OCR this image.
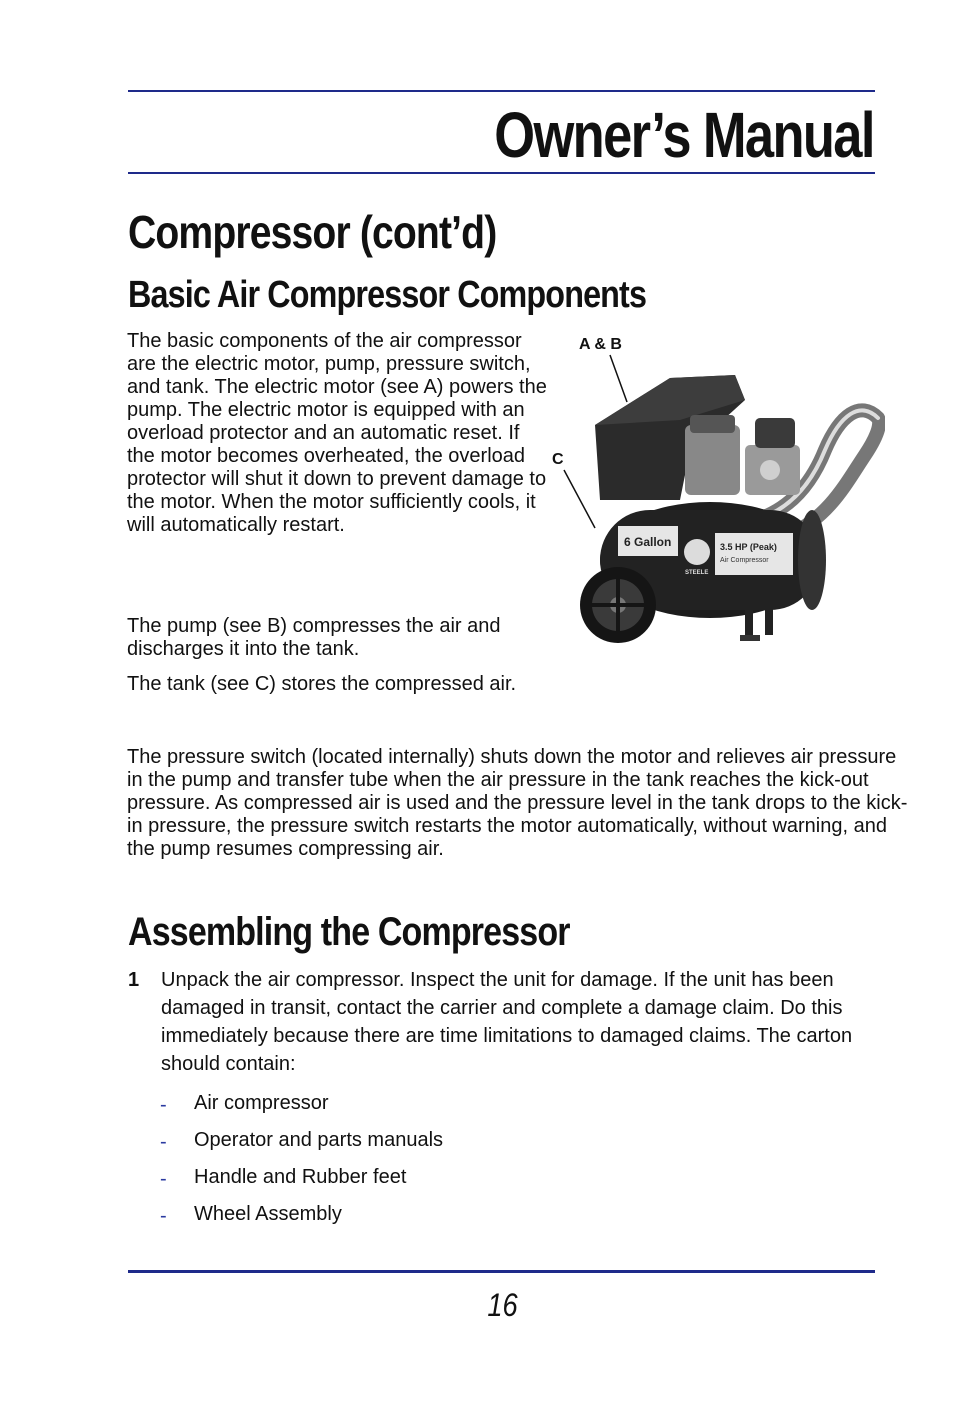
Owner’s Manual
Compressor (cont’d)
Basic Air Compressor Components

The basic components of the air compressor are the electric motor, pump, pressure switch, and tank. The electric motor (see A) powers the pump. The electric motor is equipped with an overload protector and an automatic reset. If the motor becomes overheated, the overload protector will shut it down to prevent damage to the motor. When the motor sufficiently cools, it will automatically restart.

The pump (see B) compresses the air and discharges it into the tank.

The tank (see C) stores the compressed air.

A & B
C
6 Gallon
STEELE
3.5 HP (Peak)
Air Compressor

The pressure switch (located internally) shuts down the motor and relieves air pressure in the pump and transfer tube when the air pressure in the tank reaches the kick-out pressure. As compressed air is used and the pressure level in the tank drops to the kick-in pressure, the pressure switch restarts the motor automatically, without warning, and the pump resumes compressing air.

Assembling the Compressor
1 Unpack the air compressor. Inspect the unit for damage. If the unit has been damaged in transit, contact the carrier and complete a damage claim. Do this immediately because there are time limitations to damaged claims. The carton should contain:
- Air compressor
- Operator and parts manuals
- Handle and Rubber feet
- Wheel Assembly
16
